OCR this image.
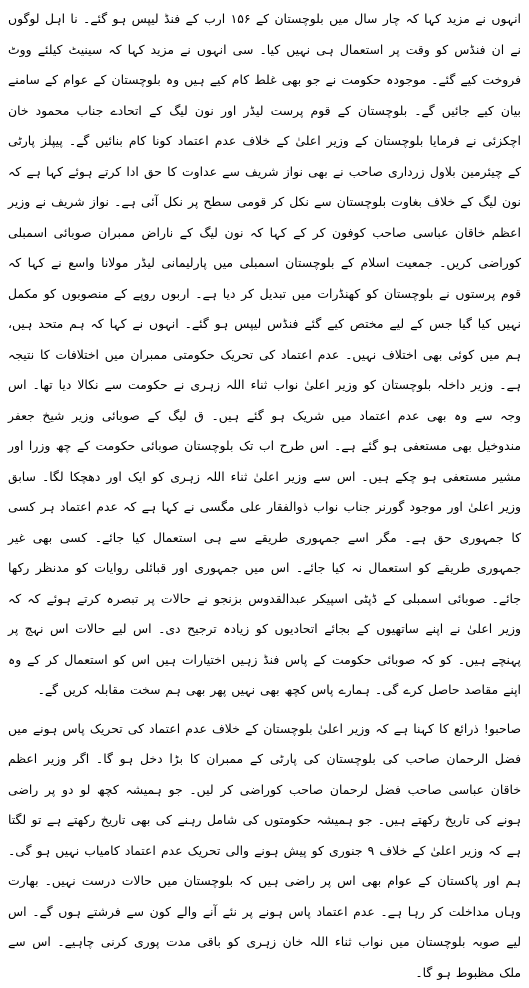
انہوں نے مزید کہا کہ چار سال میں بلوچستان کے ۱۵۶ ارب کے فنڈ لیپس ہو گئے۔ نا اہل لوگوں نے ان فنڈس کو وقت پر استعمال ہی نہیں کیا۔ سی انہوں نے مزید کہا کہ سینیٹ کیلئے ووٹ فروخت کیے گئے۔ موجودہ حکومت نے جو بھی غلط کام کیے ہیں وہ بلوچستان کے عوام کے سامنے بیان کیے جائیں گے۔ بلوچستان کے قوم پرست لیڈر اور نون لیگ کے اتحادے جناب محمود خان اچکزئی نے فرمایا بلوچستان کے وزیر اعلیٰ کے خلاف عدم اعتماد کونا کام بنائیں گے۔ پیپلز پارٹی کے چیئرمین بلاول زرداری صاحب نے بھی نواز شریف سے عداوت کا حق ادا کرتے ہوئے کہا ہے کہ نون لیگ کے خلاف بغاوت بلوچستان سے نکل کر قومی سطح پر نکل آئی ہے۔ نواز شریف نے وزیر اعظم خاقان عباسی صاحب کوفون کر کے کہا کہ نون لیگ کے ناراض ممبران صوبائی اسمبلی کوراضی کریں۔ جمعیت اسلام کے بلوچستان اسمبلی میں پارلیمانی لیڈر مولانا واسع نے کہا کہ قوم پرستوں نے بلوچستان کو کھنڈرات میں تبدیل کر دیا ہے۔ اربوں روپے کے منصوبوں کو مکمل نہیں کیا گیا جس کے لیے مختص کیے گئے فنڈس لیپس ہو گئے۔ انہوں نے کہا کہ ہم متحد ہیں، ہم میں کوئی بھی اختلاف نہیں۔ عدم اعتماد کی تحریک حکومتی ممبران میں اختلافات کا نتیجہ ہے۔ وزیر داخلہ بلوچستان کو وزیر اعلیٰ نواب ثناء اللہ زہری نے حکومت سے نکالا دیا تھا۔ اس وجہ سے وہ بھی عدم اعتماد میں شریک ہو گئے ہیں۔ ق لیگ کے صوبائی وزیر شیخ جعفر مندوخیل بھی مستعفی ہو گئے ہے۔ اس طرح اب تک بلوچستان صوبائی حکومت کے چھ وزرا اور مشیر مستعفی ہو چکے ہیں۔ اس سے وزیر اعلیٰ ثناء اللہ زہری کو ایک اور دھچکا لگا۔ سابق وزیر اعلیٰ اور موجود گورنر جناب نواب ذوالفقار علی مگسی نے کہا ہے کہ عدم اعتماد ہر کسی کا جمہوری حق ہے۔ مگر اسے جمہوری طریقے سے ہی استعمال کیا جائے۔ کسی بھی غیر جمہوری طریقے کو استعمال نہ کیا جائے۔ اس میں جمہوری اور قبائلی روایات کو مدنظر رکھا جائے۔ صوبائی اسمبلی کے ڈپٹی اسپیکر عبدالقدوس بزنجو نے حالات پر تبصرہ کرتے ہوئے کہ کہ وزیر اعلیٰ نے اپنے ساتھیوں کے بجائے اتحادیوں کو زیادہ ترجیح دی۔ اس لیے حالات اس نہج پر پہنچے ہیں۔ کو کہ صوبائی حکومت کے پاس فنڈ زہیں اختیارات ہیں اس کو استعمال کر کے وہ اپنے مقاصد حاصل کرے گی۔ ہمارے پاس کچھ بھی نہیں پھر بھی ہم سخت مقابلہ کریں گے۔

صاحبو! ذرائع کا کہنا ہے کہ وزیر اعلیٰ بلوچستان کے خلاف عدم اعتماد کی تحریک پاس ہونے میں فضل الرحمان صاحب کی بلوچستان کی پارٹی کے ممبران کا بڑا دخل ہو گا۔ اگر وزیر اعظم خاقان عباسی صاحب فضل لرحمان صاحب کوراضی کر لیں۔ جو ہمیشہ کچھ لو دو پر راضی ہونے کی تاریخ رکھتے ہیں۔ جو ہمیشہ حکومتوں کی شامل رہنے کی بھی تاریخ رکھتے ہے تو لگتا ہے کہ وزیر اعلیٰ کے خلاف ۹ جنوری کو پیش ہونے والی تحریک عدم اعتماد کامیاب نہیں ہو گی۔ ہم اور پاکستان کے عوام بھی اس پر راضی ہیں کہ بلوچستان میں حالات درست نہیں۔ بھارت وہاں مداخلت کر رہا ہے۔ عدم اعتماد پاس ہونے پر نئے آنے والے کون سے فرشتے ہوں گے۔ اس لیے صوبہ بلوچستان میں نواب ثناء اللہ خان زہری کو باقی مدت پوری کرنی چاہیے۔ اس سے ملک مظبوط ہو گا۔
